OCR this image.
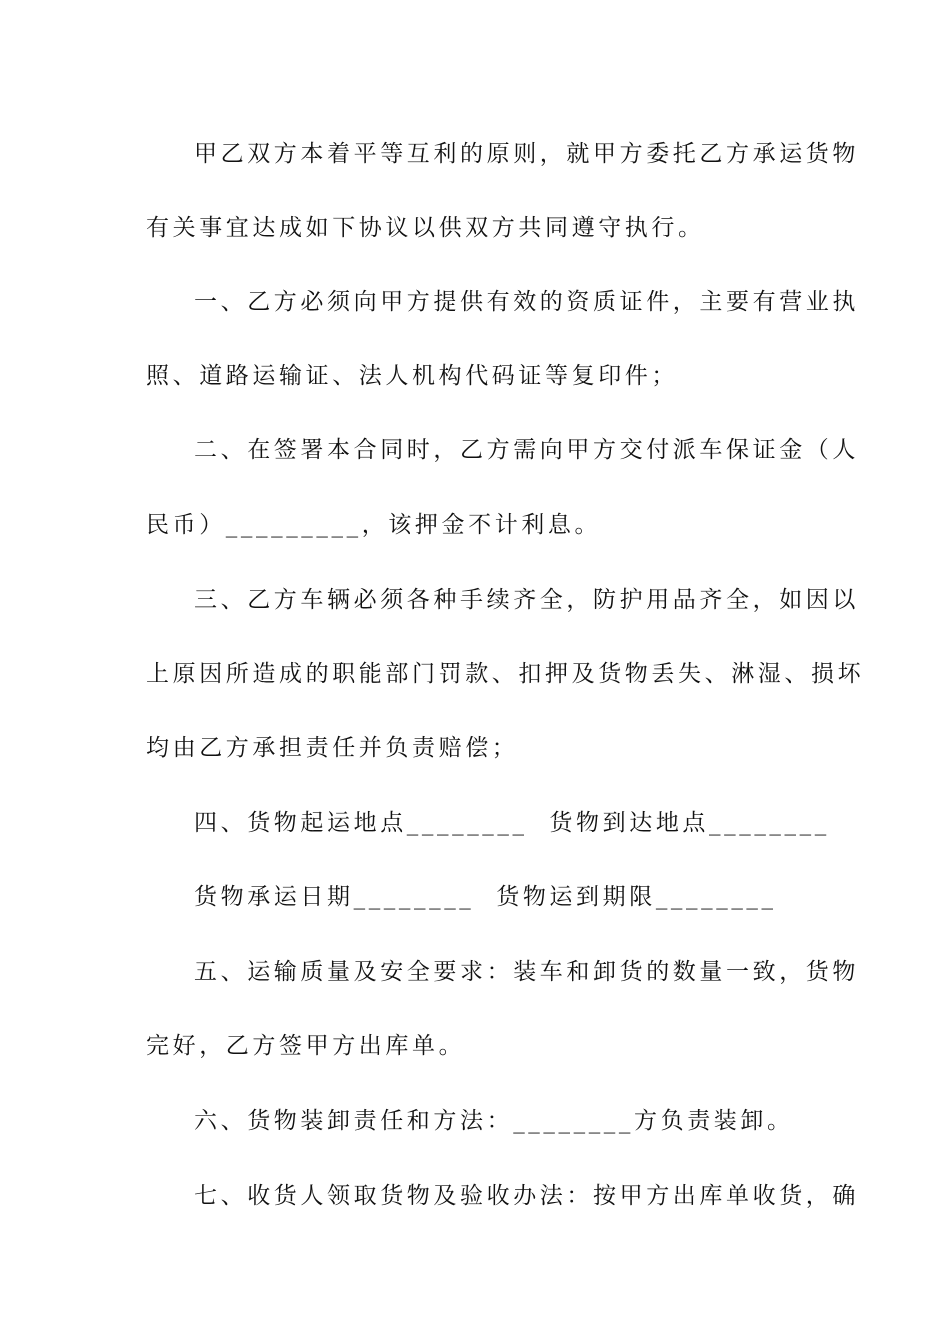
甲乙双方本着平等互利的原则，就甲方委托乙方承运货物
有关事宜达成如下协议以供双方共同遵守执行。
一、乙方必须向甲方提供有效的资质证件，主要有营业执
照、道路运输证、法人机构代码证等复印件；
二、在签署本合同时，乙方需向甲方交付派车保证金（人
民币）_________，该押金不计利息。
三、乙方车辆必须各种手续齐全，防护用品齐全，如因以
上原因所造成的职能部门罚款、扣押及货物丢失、淋湿、损坏
均由乙方承担责任并负责赔偿；
四、货物起运地点________  货物到达地点________
货物承运日期________  货物运到期限________
五、运输质量及安全要求：装车和卸货的数量一致，货物
完好，乙方签甲方出库单。
六、货物装卸责任和方法：________方负责装卸。
七、收货人领取货物及验收办法：按甲方出库单收货，确
